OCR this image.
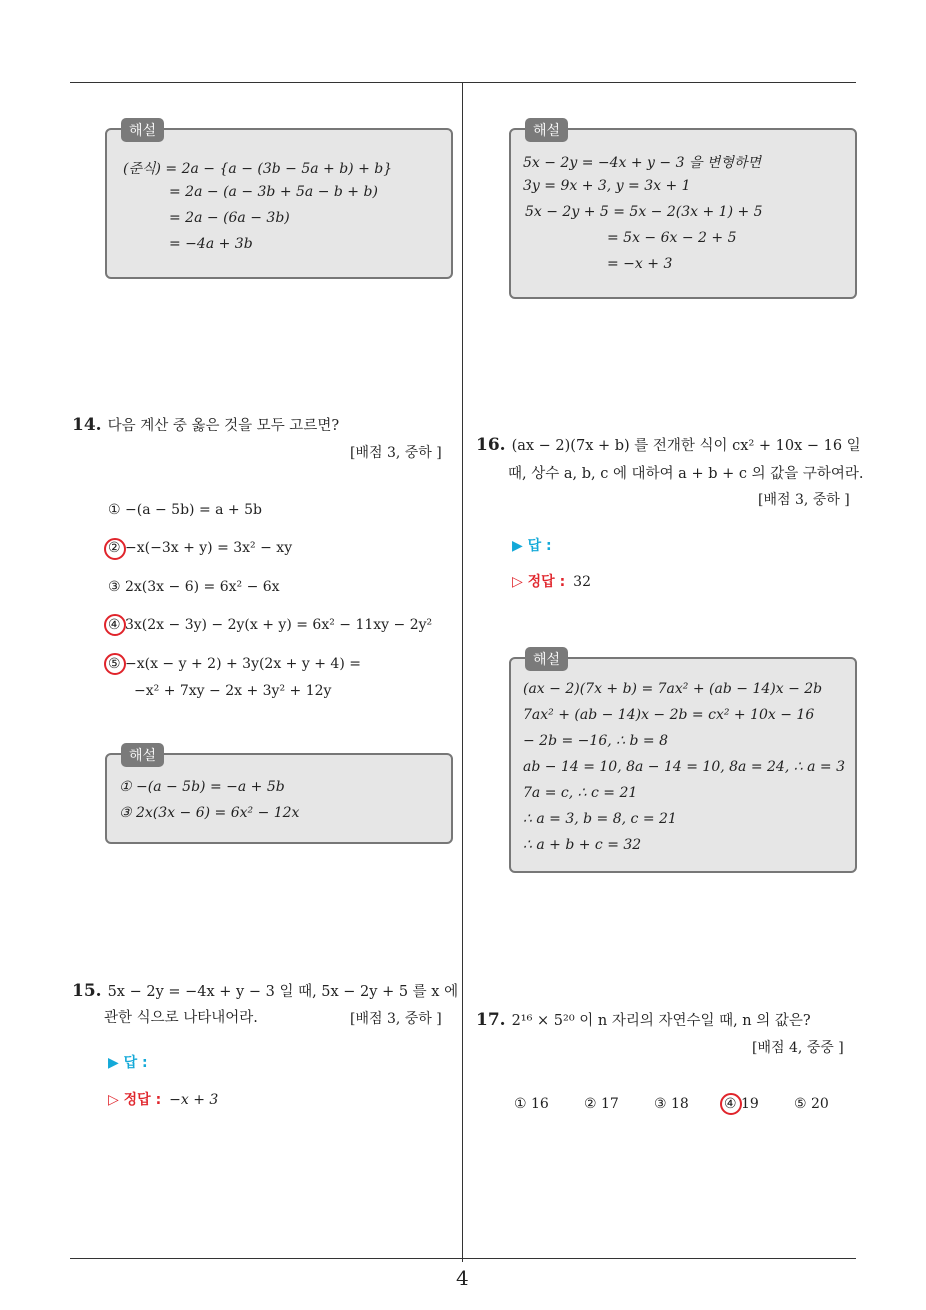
해설
(준식) = 2a − {a − (3b − 5a + b) + b}
= 2a − (a − 3b + 5a − b + b)
= 2a − (6a − 3b)
= −4a + 3b
14. 다음 계산 중 옳은 것을 모두 고르면?
[배점 3, 중하 ]
① −(a − 5b) = a + 5b
② −x(−3x + y) = 3x² − xy
③ 2x(3x − 6) = 6x² − 6x
④ 3x(2x − 3y) − 2y(x + y) = 6x² − 11xy − 2y²
⑤ −x(x − y + 2) + 3y(2x + y + 4) =
−x² + 7xy − 2x + 3y² + 12y
해설
① −(a − 5b) = −a + 5b
③ 2x(3x − 6) = 6x² − 12x
15. 5x − 2y = −4x + y − 3 일 때, 5x − 2y + 5 를 x 에
관한 식으로 나타내어라.	[배점 3, 중하 ]
▶ 답 :
▷ 정답 : −x + 3
해설
5x − 2y = −4x + y − 3 을 변형하면
3y = 9x + 3, y = 3x + 1
5x − 2y + 5 = 5x − 2(3x + 1) + 5
= 5x − 6x − 2 + 5
= −x + 3
16. (ax − 2)(7x + b) 를 전개한 식이 cx² + 10x − 16 일
때, 상수 a, b, c 에 대하여 a + b + c 의 값을 구하여라.
[배점 3, 중하 ]
▶ 답 :
▷ 정답 : 32
해설
(ax − 2)(7x + b) = 7ax² + (ab − 14)x − 2b
7ax² + (ab − 14)x − 2b = cx² + 10x − 16
− 2b = −16, ∴ b = 8
ab − 14 = 10, 8a − 14 = 10, 8a = 24, ∴ a = 3
7a = c, ∴ c = 21
∴ a = 3, b = 8, c = 21
∴ a + b + c = 32
17. 2¹⁶ × 5²⁰ 이 n 자리의 자연수일 때, n 의 값은?
[배점 4, 중중 ]
① 16	② 17	③ 18	④ 19	⑤ 20
4
